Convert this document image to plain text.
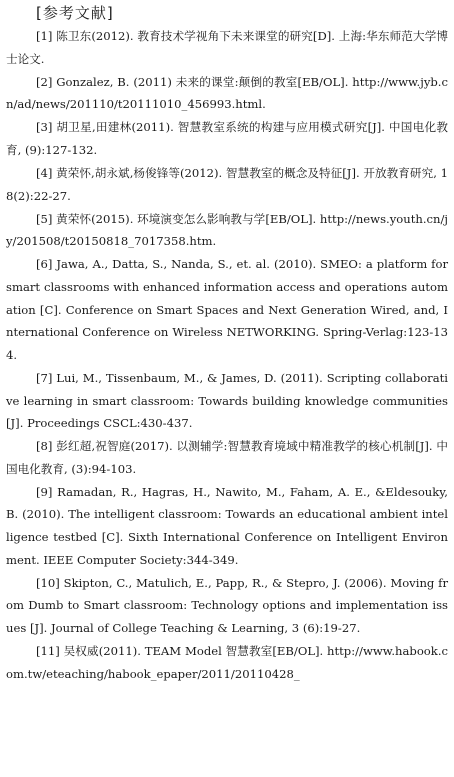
[参考文献]

[1] 陈卫东(2012). 教育技术学视角下未来课堂的研究[D]. 上海:华东师范大学博士论文.

[2] Gonzalez, B. (2011) 未来的课堂:颠倒的教室[EB/OL]. http://www.jyb.cn/ad/news/201110/t20111010_456993.html.

[3] 胡卫星,田建林(2011). 智慧教室系统的构建与应用模式研究[J]. 中国电化教育, (9):127-132.

[4] 黄荣怀,胡永斌,杨俊锋等(2012). 智慧教室的概念及特征[J]. 开放教育研究, 18(2):22-27.

[5] 黄荣怀(2015). 环境演变怎么影响教与学[EB/OL]. http://news.youth.cn/jy/201508/t20150818_7017358.htm.

[6] Jawa, A., Datta, S., Nanda, S., et. al. (2010). SMEO: a platform for smart classrooms with enhanced information access and operations automation [C]. Conference on Smart Spaces and Next Generation Wired, and, International Conference on Wireless NETWORKING. Spring-Verlag:123-134.

[7] Lui, M., Tissenbaum, M., & James, D. (2011). Scripting collaborative learning in smart classroom: Towards building knowledge communities [J]. Proceedings CSCL:430-437.

[8] 彭红超,祝智庭(2017). 以测辅学:智慧教育境域中精准教学的核心机制[J]. 中国电化教育, (3):94-103.

[9] Ramadan, R., Hagras, H., Nawito, M., Faham, A. E., &Eldesouky, B. (2010). The intelligent classroom: Towards an educational ambient intelligence testbed [C]. Sixth International Conference on Intelligent Environment. IEEE Computer Society:344-349.

[10] Skipton, C., Matulich, E., Papp, R., & Stepro, J. (2006). Moving from Dumb to Smart classroom: Technology options and implementation issues [J]. Journal of College Teaching & Learning, 3 (6):19-27.

[11] 吴权威(2011). TEAM Model 智慧教室[EB/OL]. http://www.habook.com.tw/eteaching/habook_epaper/2011/20110428_
